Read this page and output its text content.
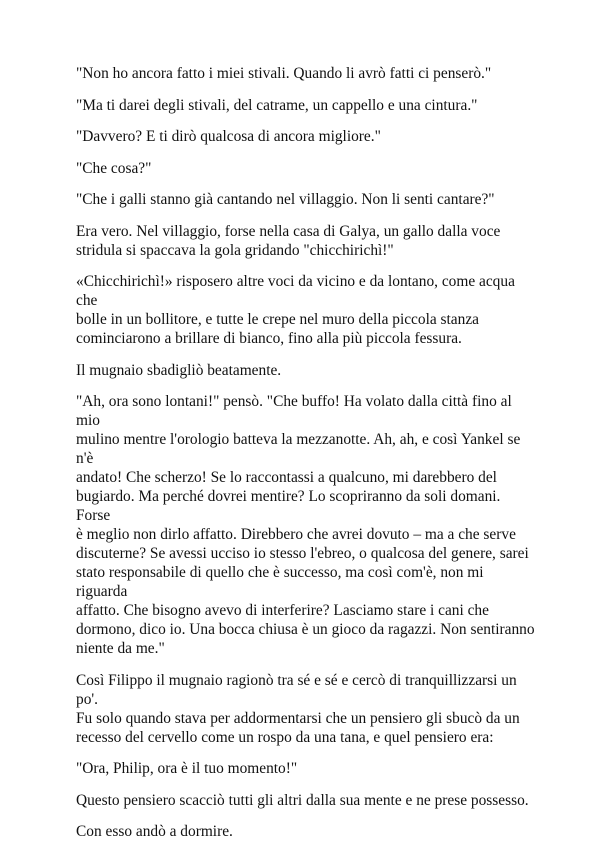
"Non ho ancora fatto i miei stivali. Quando li avrò fatti ci penserò."

"Ma ti darei degli stivali, del catrame, un cappello e una cintura."

"Davvero? E ti dirò qualcosa di ancora migliore."

"Che cosa?"

"Che i galli stanno già cantando nel villaggio. Non li senti cantare?"

Era vero. Nel villaggio, forse nella casa di Galya, un gallo dalla voce
stridula si spaccava la gola gridando "chicchirichì!"

«Chicchirichì!» risposero altre voci da vicino e da lontano, come acqua che
bolle in un bollitore, e tutte le crepe nel muro della piccola stanza
cominciarono a brillare di bianco, fino alla più piccola fessura.

Il mugnaio sbadigliò beatamente.

"Ah, ora sono lontani!" pensò. "Che buffo! Ha volato dalla città fino al mio
mulino mentre l'orologio batteva la mezzanotte. Ah, ah, e così Yankel se n'è
andato! Che scherzo! Se lo raccontassi a qualcuno, mi darebbero del
bugiardo. Ma perché dovrei mentire? Lo scopriranno da soli domani. Forse
è meglio non dirlo affatto. Direbbero che avrei dovuto – ma a che serve
discuterne? Se avessi ucciso io stesso l'ebreo, o qualcosa del genere, sarei
stato responsabile di quello che è successo, ma così com'è, non mi riguarda
affatto. Che bisogno avevo di interferire? Lasciamo stare i cani che
dormono, dico io. Una bocca chiusa è un gioco da ragazzi. Non sentiranno
niente da me."

Così Filippo il mugnaio ragionò tra sé e sé e cercò di tranquillizzarsi un po'.
Fu solo quando stava per addormentarsi che un pensiero gli sbucò da un
recesso del cervello come un rospo da una tana, e quel pensiero era:

"Ora, Philip, ora è il tuo momento!"

Questo pensiero scacciò tutti gli altri dalla sua mente e ne prese possesso.

Con esso andò a dormire.
